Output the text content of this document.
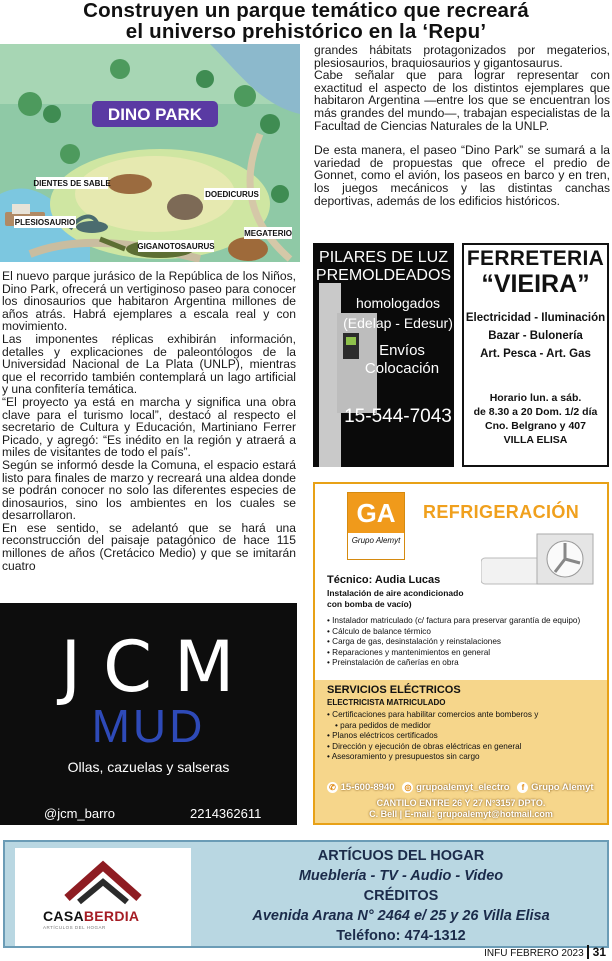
Construyen un parque temático que recreará
el universo prehistórico en la ‘Repu’
DINO PARK
DIENTES DE SABLE
DOEDICURUS
PLESIOSAURIO
MEGATERIO
GIGANOTOSAURUS

El nuevo parque jurásico de la República de los Niños, Dino Park, ofrecerá un vertiginoso paseo para conocer los dinosaurios que habitaron Argentina millones de años atrás. Habrá ejemplares a escala real y con movimiento.

Las imponentes réplicas exhibirán información, detalles y explicaciones de paleontólogos de la Universidad Nacional de La Plata (UNLP), mientras que el recorrido también contemplará un lago artificial y una confitería temática.

“El proyecto ya está en marcha y significa una obra clave para el turismo local”, destacó al respecto el secretario de Cultura y Educación, Martiniano Ferrer Picado, y agregó: “Es inédito en la región y atraerá a miles de visitantes de todo el país”.

Según se informó desde la Comuna, el espacio estará listo para finales de marzo y recreará una aldea donde se podrán conocer no solo las diferentes especies de dinosaurios, sino los ambientes en los cuales se desarrollaron.

En ese sentido, se adelantó que se hará una reconstrucción del paisaje patagónico de hace 115 millones de años (Cretácico Medio) y que se imitarán cuatro

grandes hábitats protagonizados por megaterios, plesiosaurios, braquiosaurios y gigantosaurus.

Cabe señalar que para lograr representar con exactitud el aspecto de los distintos ejemplares que habitaron Argentina —entre los que se encuentran los más grandes del mundo—, trabajan especialistas de la Facultad de Ciencias Naturales de la UNLP.

De esta manera, el paseo “Dino Park” se sumará a la variedad de propuestas que ofrece el predio de Gonnet, como el avión, los paseos en barco y en tren, los juegos mecánicos y las distintas canchas deportivas, además de los edificios históricos.

PILARES DE LUZ
PREMOLDEADOS
homologados
(Edelap - Edesur)
Envíos
Colocación
15-544-7043
FERRETERIA
“VIEIRA”
Electricidad - Iluminación
Bazar - Bulonería
Art. Pesca - Art. Gas
Horario lun. a sáb.
de 8.30 a 20 Dom. 1/2 día
Cno. Belgrano y 407
VILLA ELISA
GA
Grupo Alemyt
REFRIGERACIÓN
Técnico: Audia Lucas
Instalación de aire acondicionado con bomba de vacío)
• Instalador matriculado (c/ factura para preservar garantía de equipo)
• Cálculo de balance térmico
• Carga de gas, desinstalación y reinstalaciones
• Reparaciones y mantenimientos en general
• Preinstalación de cañerías en obra
SERVICIOS ELÉCTRICOS
ELECTRICISTA MATRICULADO
• Certificaciones para habilitar comercios ante bomberos y
• para pedidos de medidor
• Planos eléctricos certificados
• Dirección y ejecución de obras eléctricas en general
• Asesoramiento y presupuestos sin cargo
✆ 15-600-8940 ◎ grupoalemyt_electro f Grupo Alemyt
CANTILO ENTRE 26 Y 27 N°3157 DPTO.
C. Bell | E-mail: grupoalemyt@hotmail.com
JCM
MUD
Ollas, cazuelas y salseras
@jcm_barro	2214362611
CASABERDIA
ARTÍCULOS DEL HOGAR
ARTÍCUOS DEL HOGAR
Mueblería - TV - Audio - Video
CRÉDITOS
Avenida Arana N° 2464 e/ 25 y 26 Villa Elisa
Teléfono: 474-1312
INFU FEBRERO 2023 31
